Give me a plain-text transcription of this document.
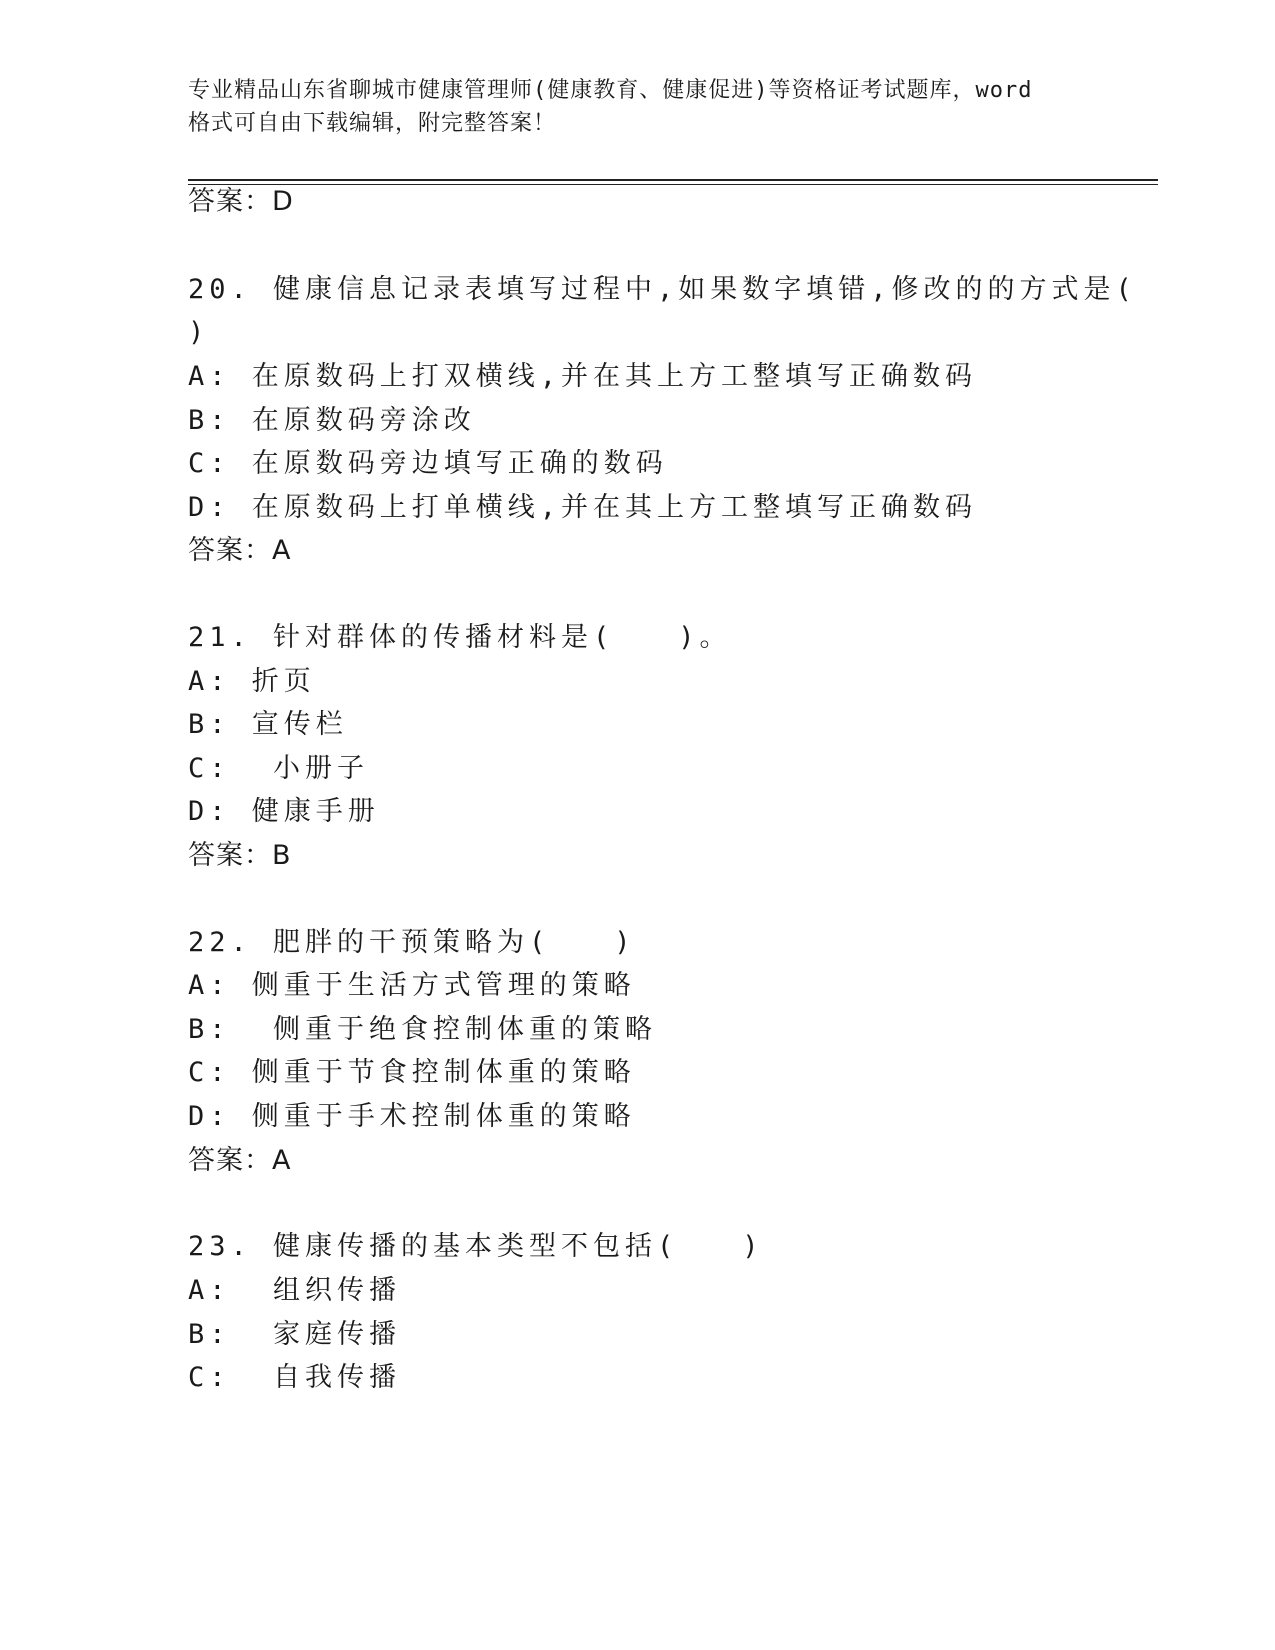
专业精品山东省聊城市健康管理师(健康教育、健康促进)等资格证考试题库，word
格式可自由下载编辑，附完整答案！
答案：D
20. 健康信息记录表填写过程中,如果数字填错,修改的的方式是(
)
A: 在原数码上打双横线,并在其上方工整填写正确数码
B: 在原数码旁涂改
C: 在原数码旁边填写正确的数码
D: 在原数码上打单横线,并在其上方工整填写正确数码
答案：A
21. 针对群体的传播材料是(　　)。
A: 折页
B: 宣传栏
C:  小册子
D: 健康手册
答案：B
22. 肥胖的干预策略为(　　)
A: 侧重于生活方式管理的策略
B:  侧重于绝食控制体重的策略
C: 侧重于节食控制体重的策略
D: 侧重于手术控制体重的策略
答案：A
23. 健康传播的基本类型不包括(　　)
A:  组织传播
B:  家庭传播
C:  自我传播
